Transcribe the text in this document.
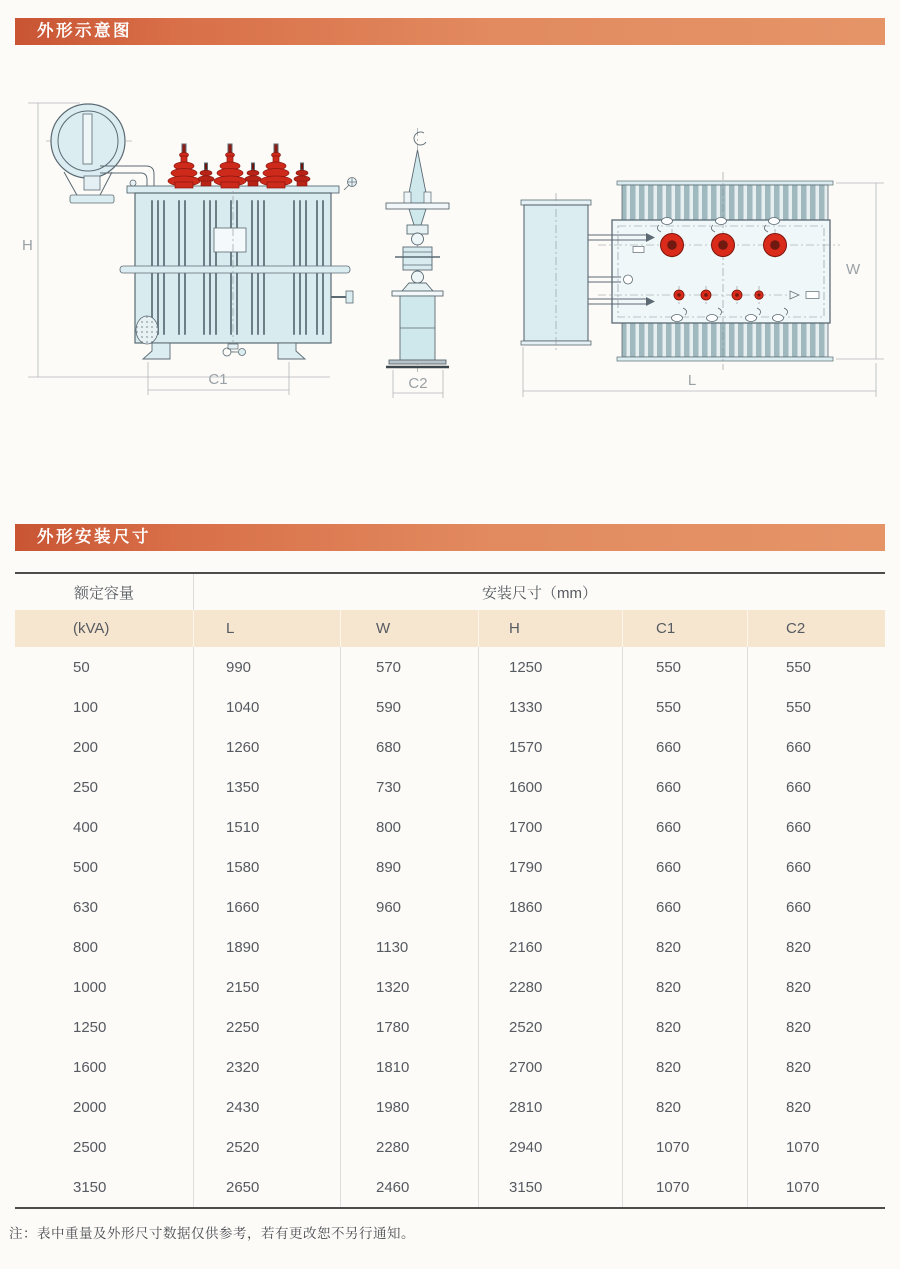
外形示意图
H
C1	C2
W
L
外形安装尺寸
额定容量	安装尺寸（mm）
(kVA)	L	W	H	C1	C2
50	990	570	1250	550	550
100	1040	590	1330	550	550
200	1260	680	1570	660	660
250	1350	730	1600	660	660
400	1510	800	1700	660	660
500	1580	890	1790	660	660
630	1660	960	1860	660	660
800	1890	1130	2160	820	820
1000	2150	1320	2280	820	820
1250	2250	1780	2520	820	820
1600	2320	1810	2700	820	820
2000	2430	1980	2810	820	820
2500	2520	2280	2940	1070	1070
3150	2650	2460	3150	1070	1070
注：表中重量及外形尺寸数据仅供参考，若有更改恕不另行通知。
